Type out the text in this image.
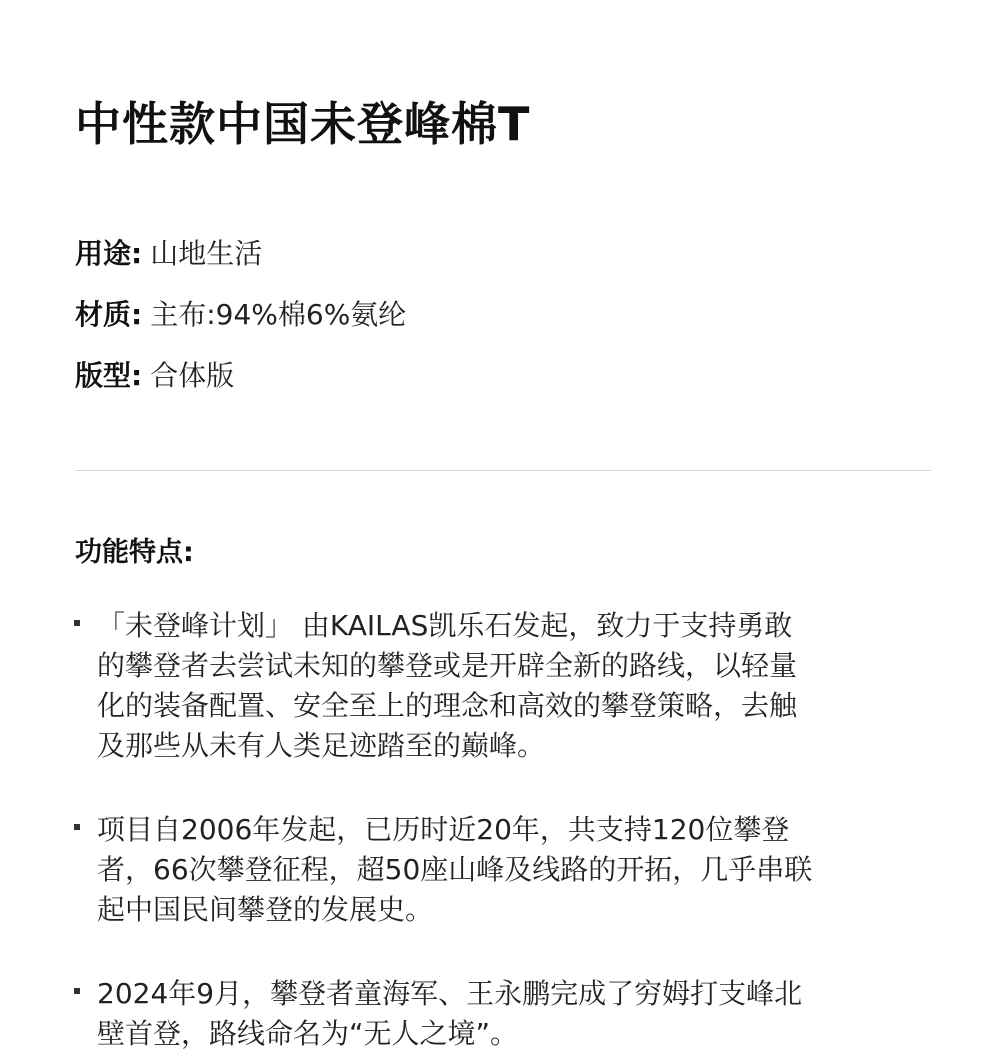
中性款中国未登峰棉T
用途: 山地生活
材质: 主布:94%棉6%氨纶
版型: 合体版
功能特点:
「未登峰计划」 由KAILAS凯乐石发起，致力于支持勇敢
的攀登者去尝试未知的攀登或是开辟全新的路线，以轻量
化的装备配置、安全至上的理念和高效的攀登策略，去触
及那些从未有人类足迹踏至的巅峰。
项目自2006年发起，已历时近20年，共支持120位攀登
者，66次攀登征程，超50座山峰及线路的开拓，几乎串联
起中国民间攀登的发展史。
2024年9月，攀登者童海军、王永鹏完成了穷姆打支峰北
壁首登，路线命名为“无人之境”。
